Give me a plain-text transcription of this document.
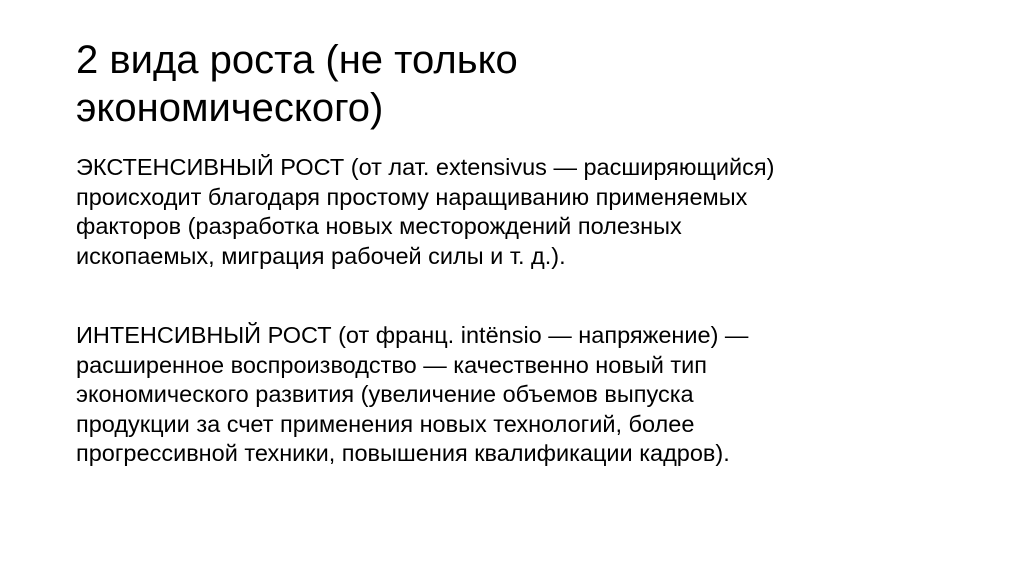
2 вида роста (не только
экономического)

ЭКСТЕНСИВНЫЙ РОСТ (от лат. extensivus — расширяющийся)
происходит благодаря простому наращиванию применяемых
факторов (разработка новых месторождений полезных
ископаемых, миграция рабочей силы и т. д.).

ИНТЕНСИВНЫЙ РОСТ (от франц. intënsio — напряжение) —
расширенное воспроизводство — качественно новый тип
экономического развития (увеличение объемов выпуска
продукции за счет применения новых технологий, более
прогрессивной техники, повышения квалификации кадров).
